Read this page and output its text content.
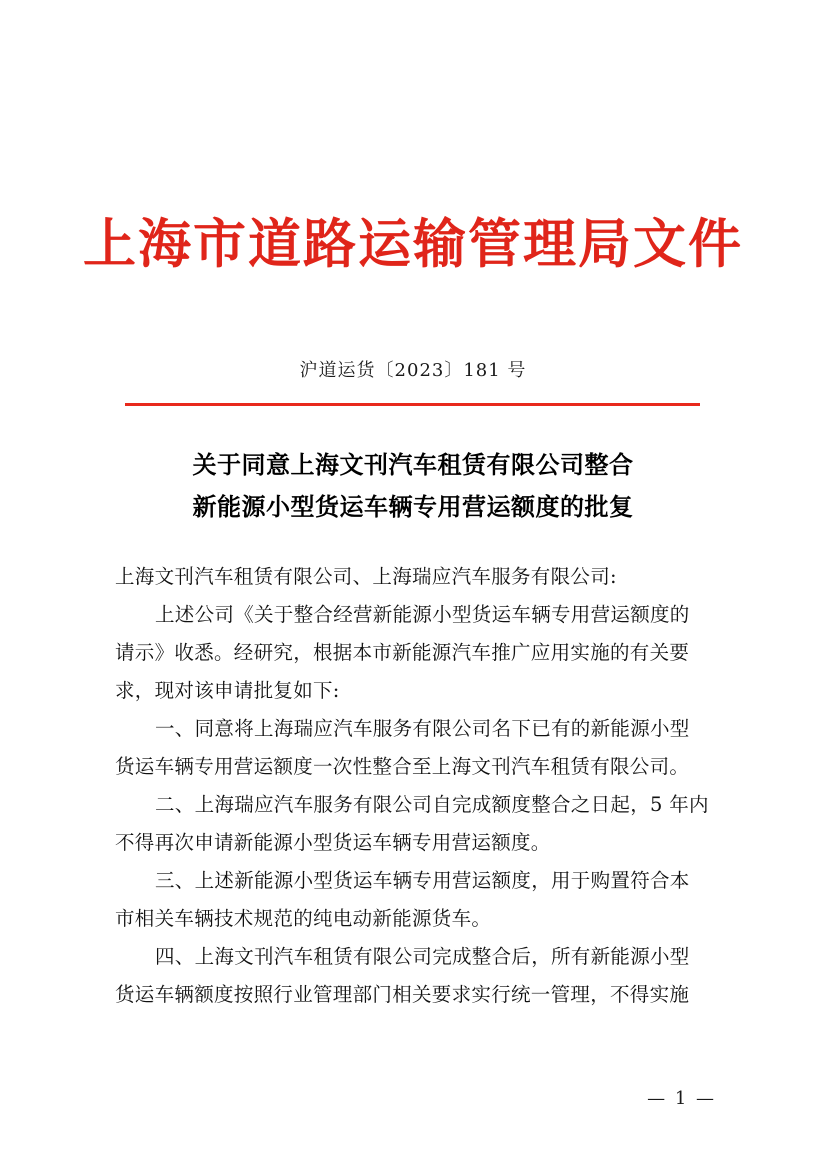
上海市道路运输管理局文件
沪道运货〔2023〕181 号
关于同意上海文刊汽车租赁有限公司整合
新能源小型货运车辆专用营运额度的批复
上海文刊汽车租赁有限公司、上海瑞应汽车服务有限公司:
上述公司《关于整合经营新能源小型货运车辆专用营运额度的
请示》收悉。经研究，根据本市新能源汽车推广应用实施的有关要
求，现对该申请批复如下:
一、同意将上海瑞应汽车服务有限公司名下已有的新能源小型
货运车辆专用营运额度一次性整合至上海文刊汽车租赁有限公司。
二、上海瑞应汽车服务有限公司自完成额度整合之日起，5 年内
不得再次申请新能源小型货运车辆专用营运额度。
三、上述新能源小型货运车辆专用营运额度，用于购置符合本
市相关车辆技术规范的纯电动新能源货车。
四、上海文刊汽车租赁有限公司完成整合后，所有新能源小型
货运车辆额度按照行业管理部门相关要求实行统一管理，不得实施
— 1 —
